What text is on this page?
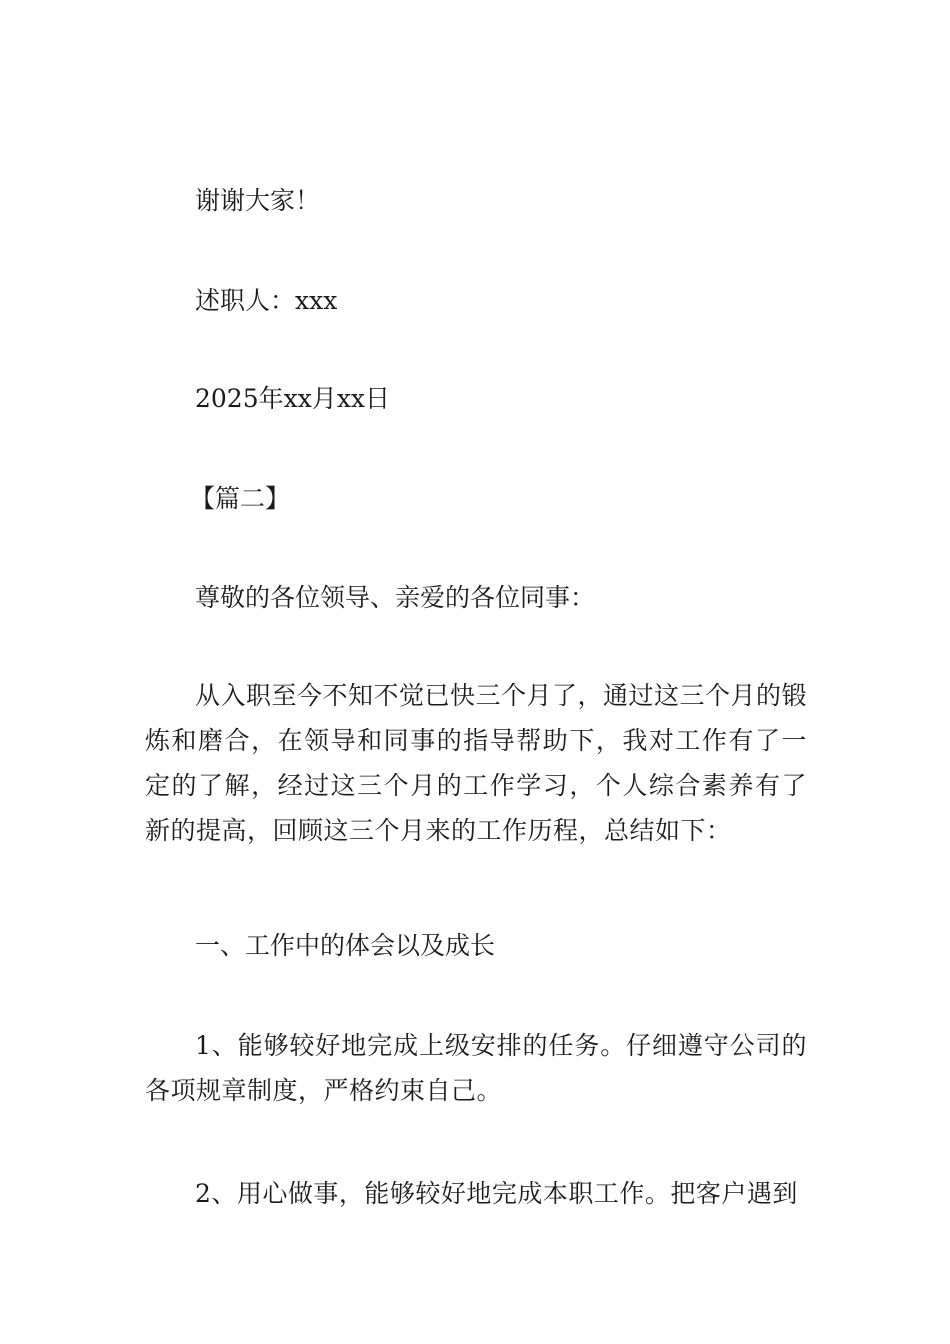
谢谢大家！
述职人：xxx
2025年xx月xx日
【篇二】
尊敬的各位领导、亲爱的各位同事：
从入职至今不知不觉已快三个月了，通过这三个月的锻炼和磨合，在领导和同事的指导帮助下，我对工作有了一定的了解，经过这三个月的工作学习，个人综合素养有了新的提高，回顾这三个月来的工作历程，总结如下：
一、工作中的体会以及成长
1、能够较好地完成上级安排的任务。仔细遵守公司的各项规章制度，严格约束自己。
2、用心做事，能够较好地完成本职工作。把客户遇到
